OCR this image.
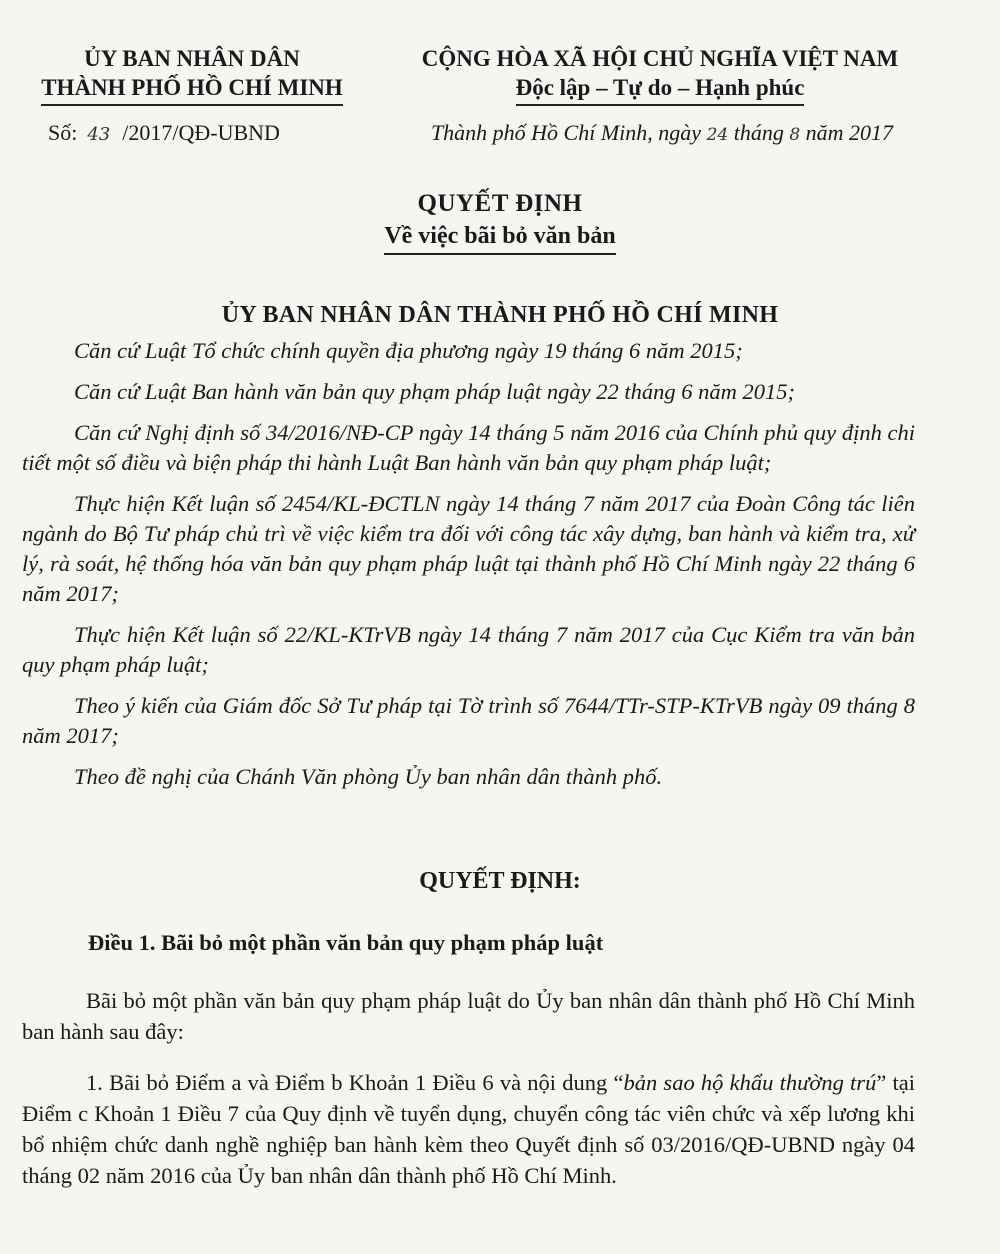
ỦY BAN NHÂN DÂN
THÀNH PHỐ HỒ CHÍ MINH
CỘNG HÒA XÃ HỘI CHỦ NGHĨA VIỆT NAM
Độc lập – Tự do – Hạnh phúc
Số: 43 /2017/QĐ-UBND	Thành phố Hồ Chí Minh, ngày 24 tháng 8 năm 2017
QUYẾT ĐỊNH
Về việc bãi bỏ văn bản
ỦY BAN NHÂN DÂN THÀNH PHỐ HỒ CHÍ MINH

Căn cứ Luật Tổ chức chính quyền địa phương ngày 19 tháng 6 năm 2015;

Căn cứ Luật Ban hành văn bản quy phạm pháp luật ngày 22 tháng 6 năm 2015;

Căn cứ Nghị định số 34/2016/NĐ-CP ngày 14 tháng 5 năm 2016 của Chính phủ quy định chi tiết một số điều và biện pháp thi hành Luật Ban hành văn bản quy phạm pháp luật;

Thực hiện Kết luận số 2454/KL-ĐCTLN ngày 14 tháng 7 năm 2017 của Đoàn Công tác liên ngành do Bộ Tư pháp chủ trì về việc kiểm tra đối với công tác xây dựng, ban hành và kiểm tra, xử lý, rà soát, hệ thống hóa văn bản quy phạm pháp luật tại thành phố Hồ Chí Minh ngày 22 tháng 6 năm 2017;

Thực hiện Kết luận số 22/KL-KTrVB ngày 14 tháng 7 năm 2017 của Cục Kiểm tra văn bản quy phạm pháp luật;

Theo ý kiến của Giám đốc Sở Tư pháp tại Tờ trình số 7644/TTr-STP-KTrVB ngày 09 tháng 8 năm 2017;

Theo đề nghị của Chánh Văn phòng Ủy ban nhân dân thành phố.

QUYẾT ĐỊNH:
Điều 1. Bãi bỏ một phần văn bản quy phạm pháp luật

Bãi bỏ một phần văn bản quy phạm pháp luật do Ủy ban nhân dân thành phố Hồ Chí Minh ban hành sau đây:

1. Bãi bỏ Điểm a và Điểm b Khoản 1 Điều 6 và nội dung “bản sao hộ khẩu thường trú” tại Điểm c Khoản 1 Điều 7 của Quy định về tuyển dụng, chuyển công tác viên chức và xếp lương khi bổ nhiệm chức danh nghề nghiệp ban hành kèm theo Quyết định số 03/2016/QĐ-UBND ngày 04 tháng 02 năm 2016 của Ủy ban nhân dân thành phố Hồ Chí Minh.
